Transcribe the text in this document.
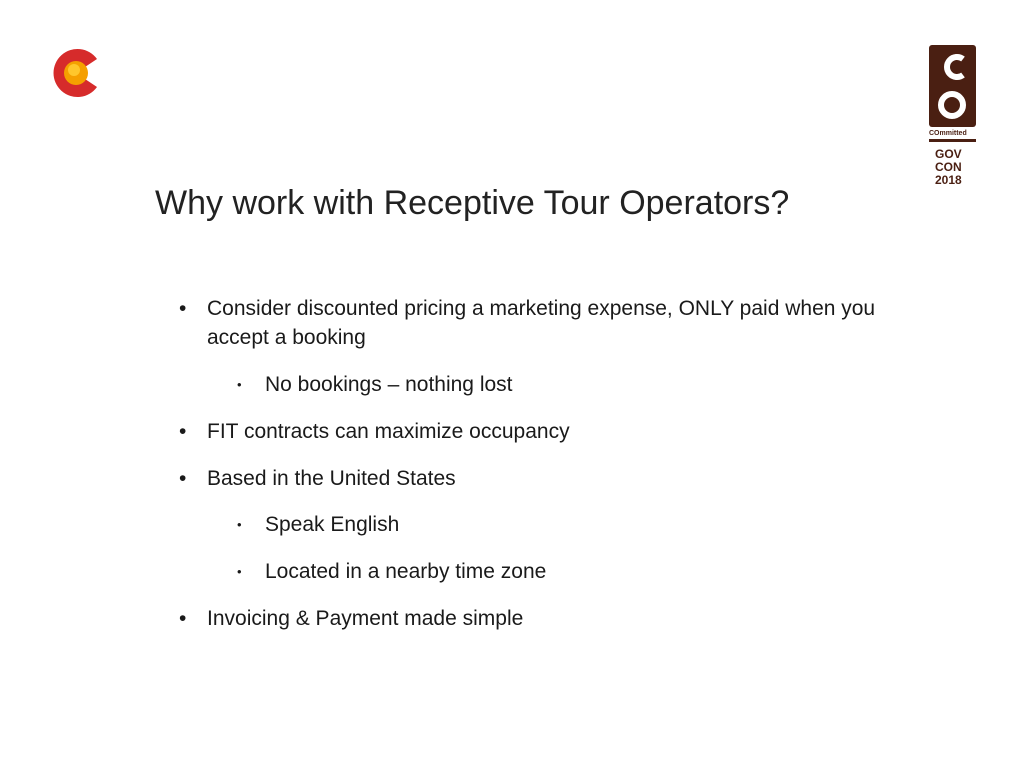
COmmitted
GOV
CON
2018
Why work with Receptive Tour Operators?
• Consider discounted pricing a marketing expense, ONLY paid when you accept a booking
• No bookings – nothing lost
• FIT contracts can maximize occupancy
• Based in the United States
• Speak English
• Located in a nearby time zone
• Invoicing & Payment made simple
